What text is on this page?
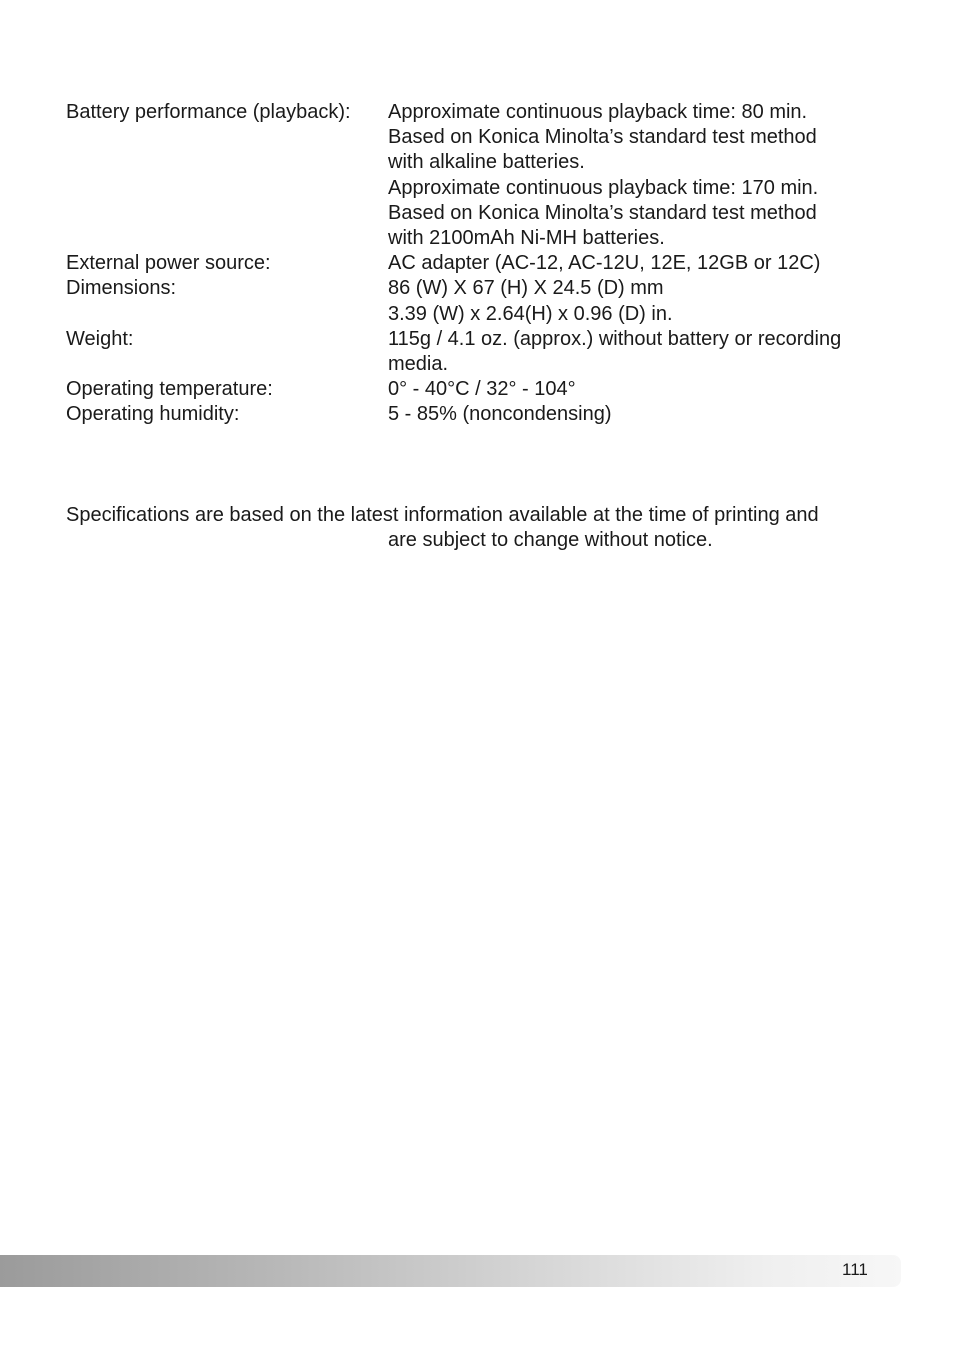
Battery performance (playback):	Approximate continuous playback time: 80 min.
Based on Konica Minolta’s standard test method
with alkaline batteries.
Approximate continuous playback time: 170 min.
Based on Konica Minolta’s standard test method
with 2100mAh Ni-MH batteries.
External power source:	AC adapter (AC-12, AC-12U, 12E, 12GB or 12C)
Dimensions:	86 (W) X 67 (H) X 24.5 (D) mm
3.39 (W) x 2.64(H) x 0.96 (D) in.
Weight:	115g / 4.1 oz. (approx.) without battery or recording
media.
Operating temperature:	0° - 40°C / 32° - 104°
Operating humidity:	5 - 85% (noncondensing)
Specifications are based on the latest information available at the time of printing and
are subject to change without notice.
111
